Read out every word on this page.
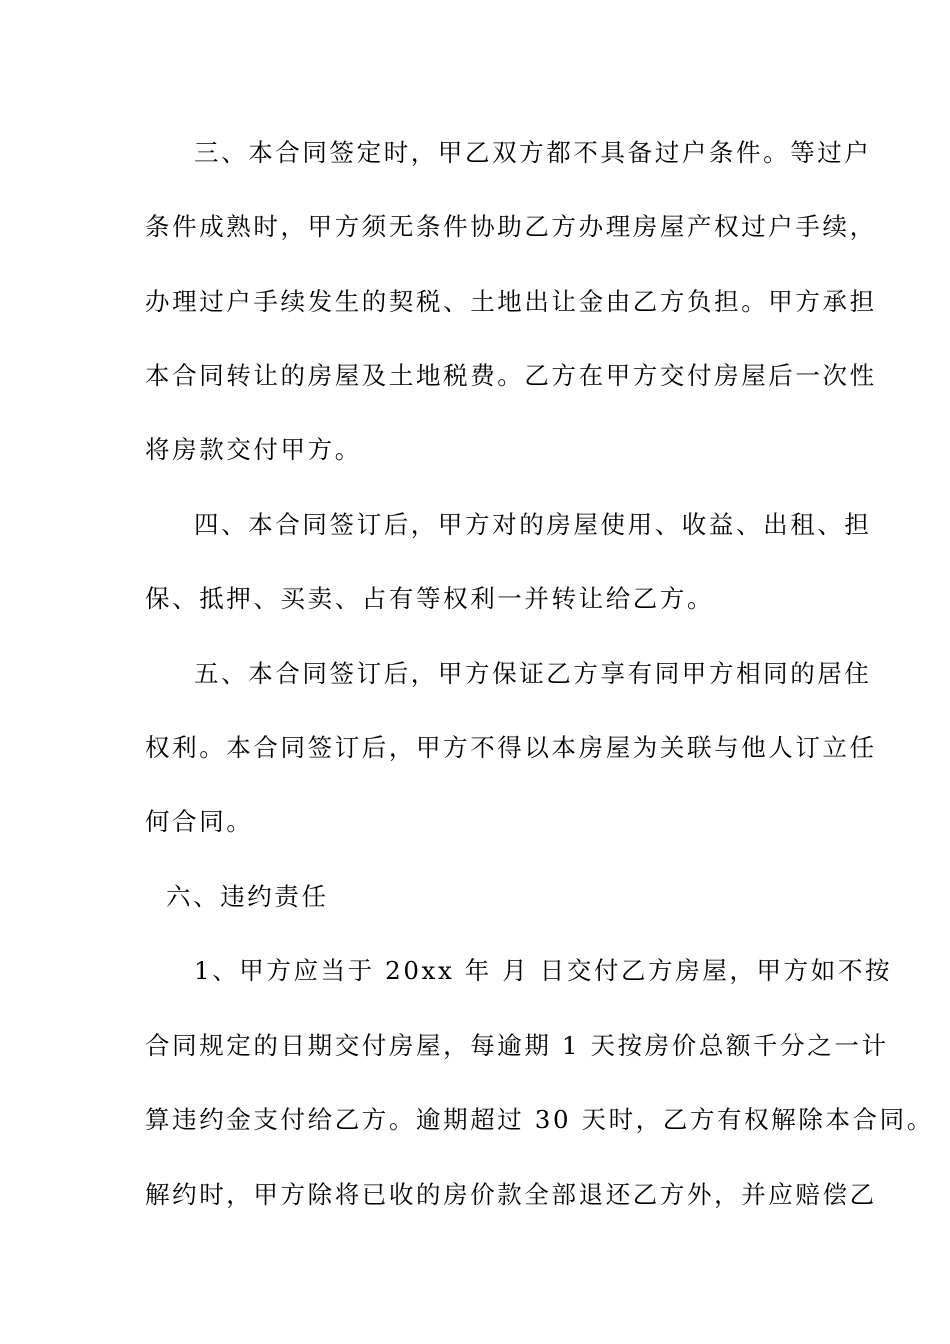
三、本合同签定时，甲乙双方都不具备过户条件。等过户
条件成熟时，甲方须无条件协助乙方办理房屋产权过户手续，
办理过户手续发生的契税、土地出让金由乙方负担。甲方承担
本合同转让的房屋及土地税费。乙方在甲方交付房屋后一次性
将房款交付甲方。
四、本合同签订后，甲方对的房屋使用、收益、出租、担
保、抵押、买卖、占有等权利一并转让给乙方。
五、本合同签订后，甲方保证乙方享有同甲方相同的居住
权利。本合同签订后，甲方不得以本房屋为关联与他人订立任
何合同。
六、违约责任
1、甲方应当于 20xx 年 月 日交付乙方房屋，甲方如不按
合同规定的日期交付房屋，每逾期 1 天按房价总额千分之一计
算违约金支付给乙方。逾期超过 30 天时，乙方有权解除本合同。
解约时，甲方除将已收的房价款全部退还乙方外，并应赔偿乙
